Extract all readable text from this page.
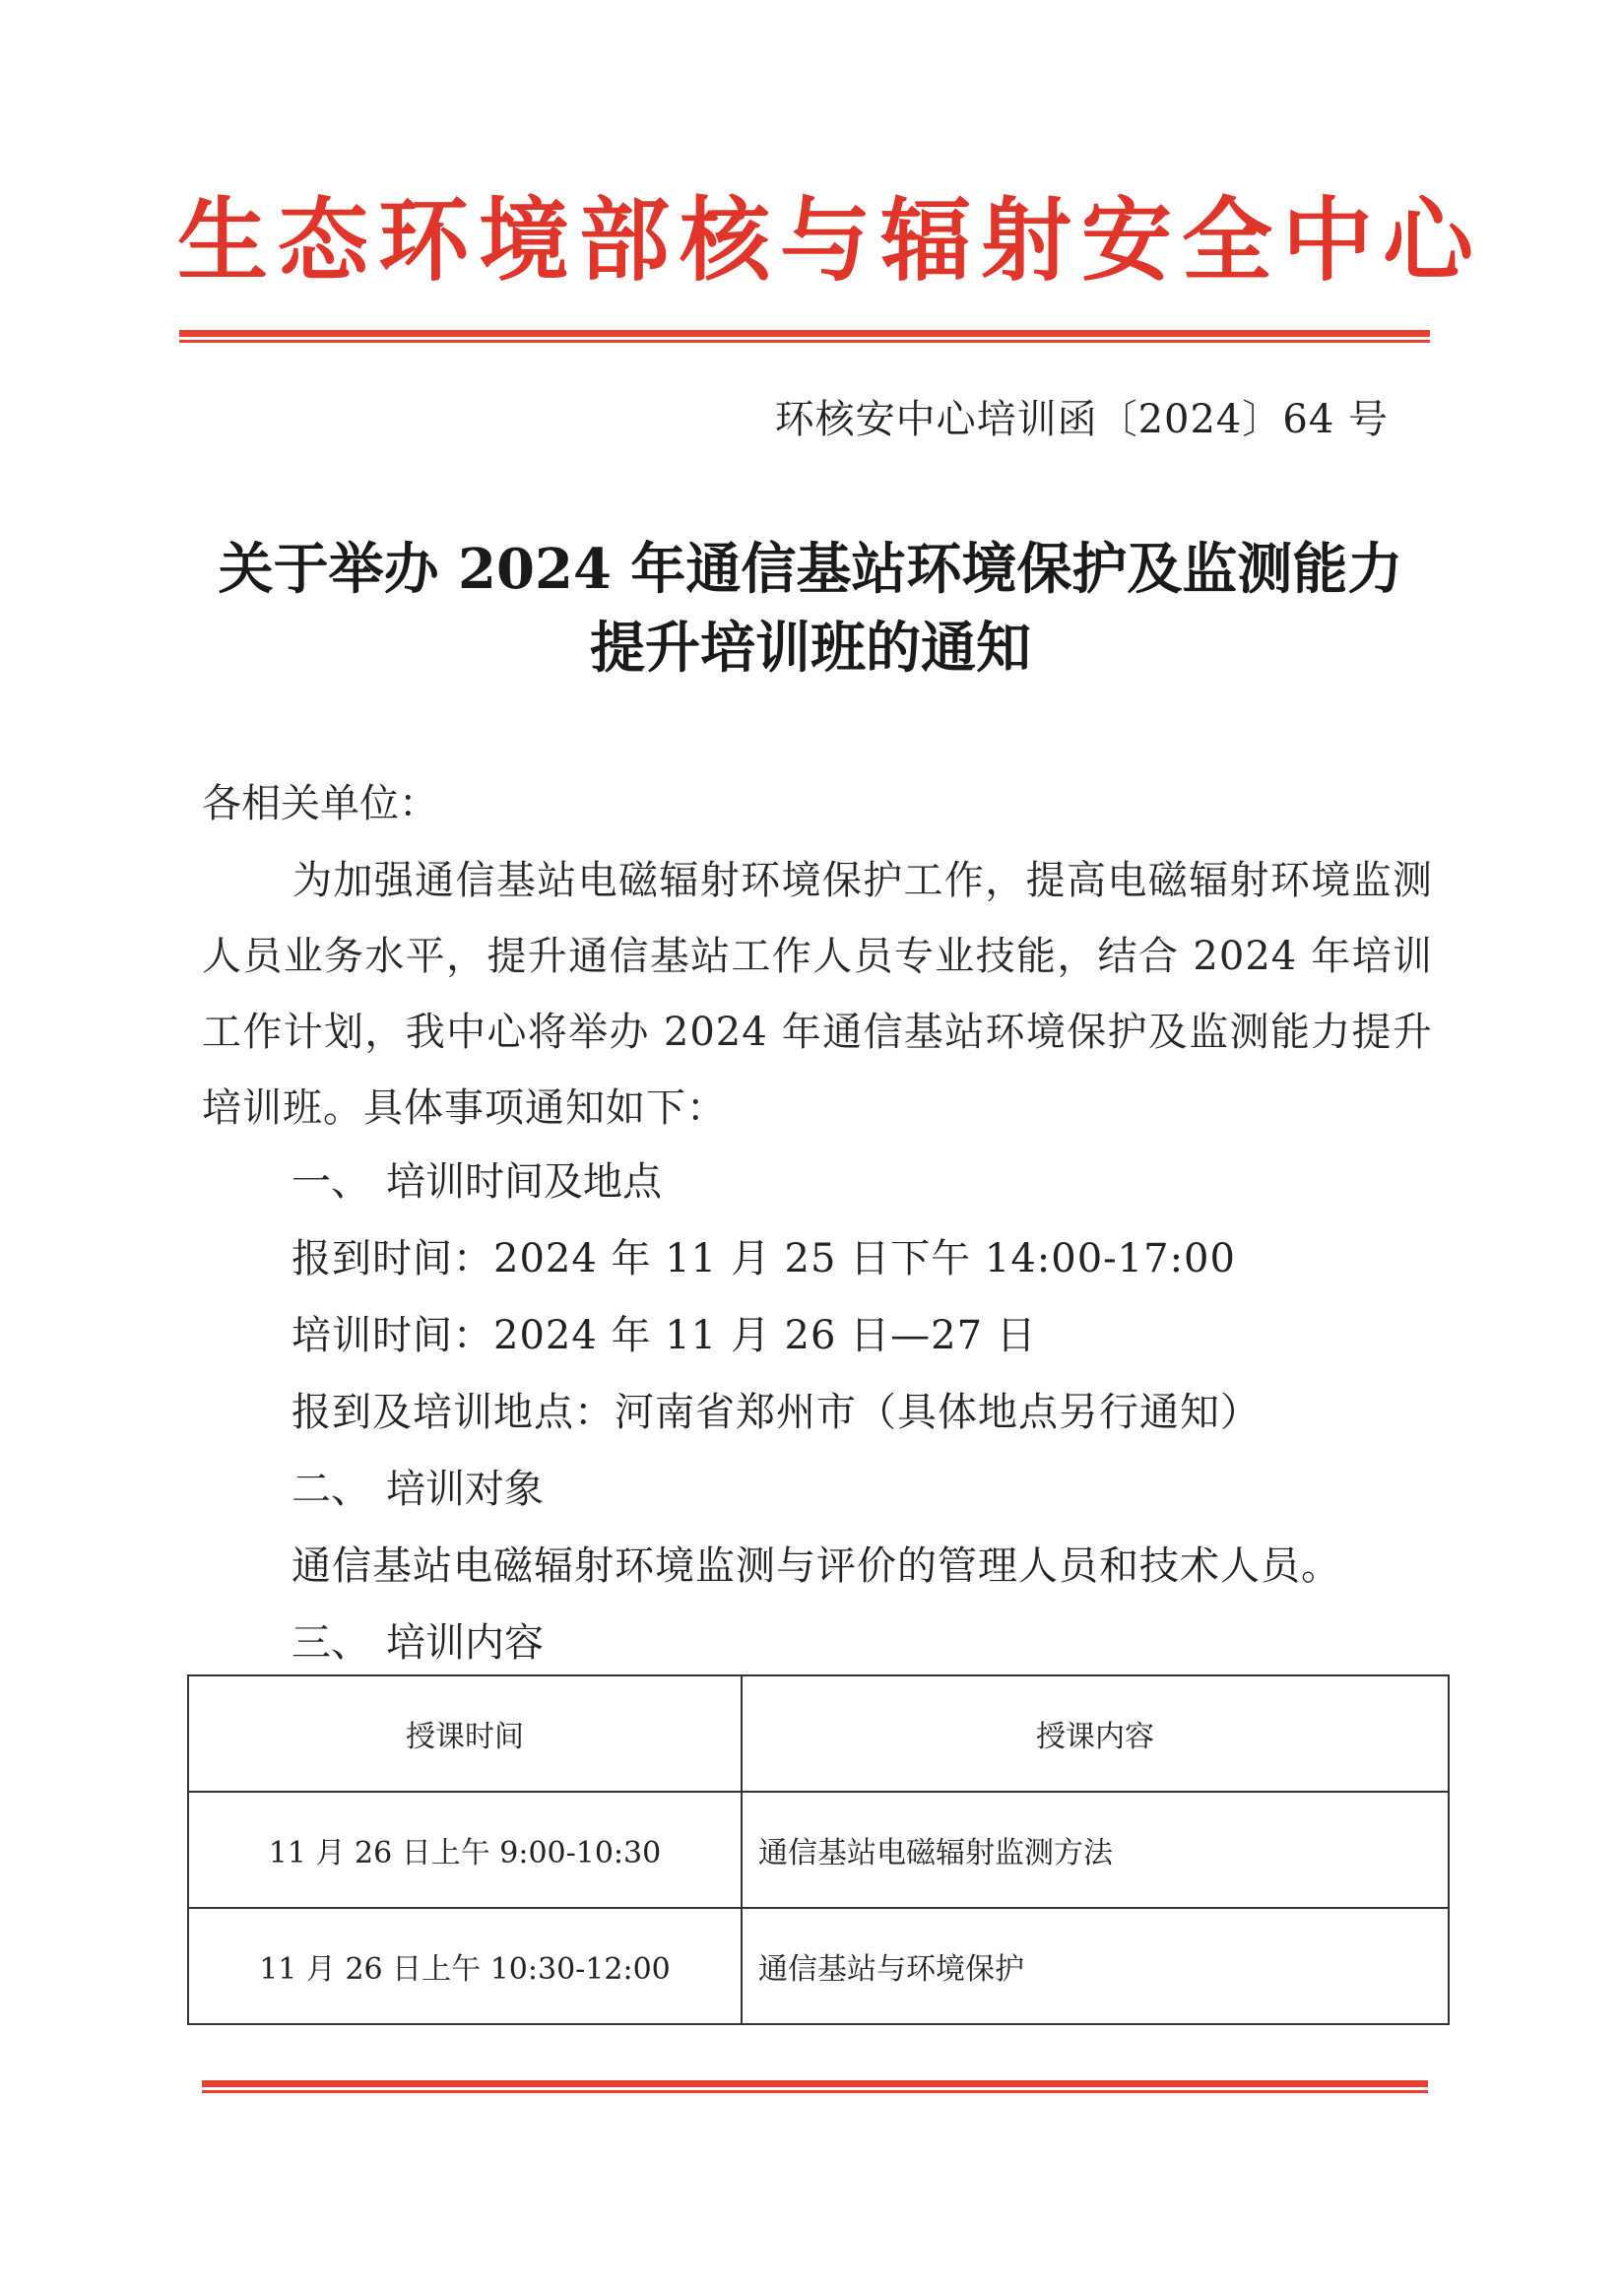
生态环境部核与辐射安全中心
环核安中心培训函〔2024〕64 号
关于举办 2024 年通信基站环境保护及监测能力
提升培训班的通知
各相关单位：
为加强通信基站电磁辐射环境保护工作，提高电磁辐射环境监测人员业务水平，提升通信基站工作人员专业技能，结合 2024 年培训工作计划，我中心将举办 2024 年通信基站环境保护及监测能力提升培训班。具体事项通知如下：
一、 培训时间及地点
报到时间：2024 年 11 月 25 日下午 14:00-17:00
培训时间：2024 年 11 月 26 日—27 日
报到及培训地点：河南省郑州市（具体地点另行通知）
二、 培训对象
通信基站电磁辐射环境监测与评价的管理人员和技术人员。
三、 培训内容
授课时间	授课内容
11 月 26 日上午 9:00-10:30	通信基站电磁辐射监测方法
11 月 26 日上午 10:30-12:00	通信基站与环境保护
